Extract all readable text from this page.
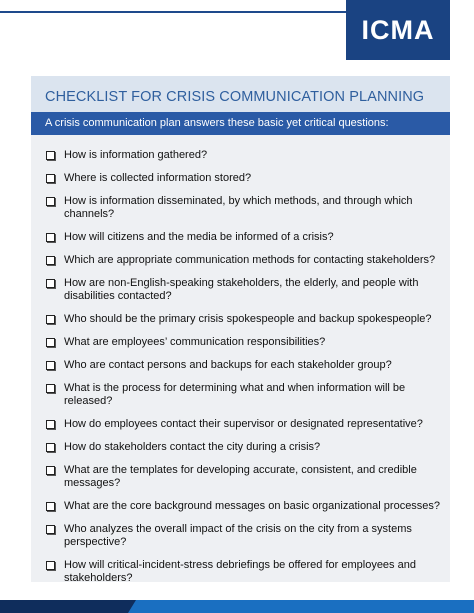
ICMA
CHECKLIST FOR CRISIS COMMUNICATION PLANNING
A crisis communication plan answers these basic yet critical questions:
How is information gathered?
Where is collected information stored?
How is information disseminated, by which methods, and through which channels?
How will citizens and the media be informed of a crisis?
Which are appropriate communication methods for contacting stakeholders?
How are non-English-speaking stakeholders, the elderly, and people with disabilities contacted?
Who should be the primary crisis spokespeople and backup spokespeople?
What are employees’ communication responsibilities?
Who are contact persons and backups for each stakeholder group?
What is the process for determining what and when information will be released?
How do employees contact their supervisor or designated representative?
How do stakeholders contact the city during a crisis?
What are the templates for developing accurate, consistent, and credible messages?
What are the core background messages on basic organizational processes?
Who analyzes the overall impact of the crisis on the city from a systems perspective?
How will critical-incident-stress debriefings be offered for employees and stakeholders?
